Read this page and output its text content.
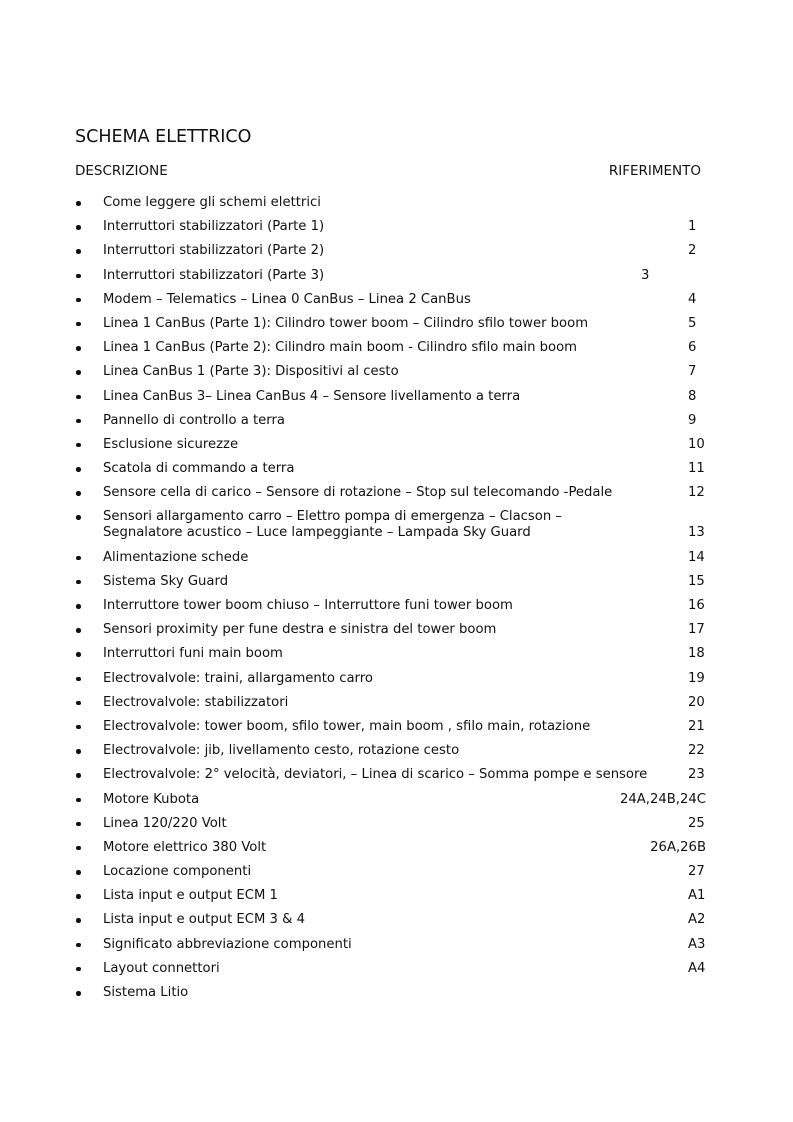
SCHEMA ELETTRICO
DESCRIZIONE	RIFERIMENTO
Come leggere gli schemi elettrici
Interruttori stabilizzatori (Parte 1)	1
Interruttori stabilizzatori (Parte 2)	2
Interruttori stabilizzatori (Parte 3)	3
Modem – Telematics – Linea 0 CanBus – Linea 2 CanBus	4
Linea 1 CanBus (Parte 1): Cilindro tower boom – Cilindro sfilo tower boom	5
Linea 1 CanBus (Parte 2): Cilindro main boom - Cilindro sfilo main boom	6
Linea CanBus 1 (Parte 3): Dispositivi al cesto	7
Linea CanBus 3– Linea CanBus 4 – Sensore livellamento a terra	8
Pannello di controllo a terra	9
Esclusione sicurezze	10
Scatola di commando a terra	11
Sensore cella di carico – Sensore di rotazione – Stop sul telecomando -Pedale	12
Sensori allargamento carro – Elettro pompa di emergenza – Clacson –
Segnalatore acustico – Luce lampeggiante – Lampada Sky Guard	13
Alimentazione schede	14
Sistema Sky Guard	15
Interruttore tower boom chiuso – Interruttore funi tower boom	16
Sensori proximity per fune destra e sinistra del tower boom	17
Interruttori funi main boom	18
Electrovalvole: traini, allargamento carro	19
Electrovalvole: stabilizzatori	20
Electrovalvole: tower boom, sfilo tower, main boom , sfilo main, rotazione	21
Electrovalvole: jib, livellamento cesto, rotazione cesto	22
Electrovalvole: 2° velocità, deviatori, – Linea di scarico – Somma pompe e sensore	23
Motore Kubota	24A,24B,24C
Linea 120/220 Volt	25
Motore elettrico 380 Volt	26A,26B
Locazione componenti	27
Lista input e output ECM 1	A1
Lista input e output ECM 3 & 4	A2
Significato abbreviazione componenti	A3
Layout connettori	A4
Sistema Litio
